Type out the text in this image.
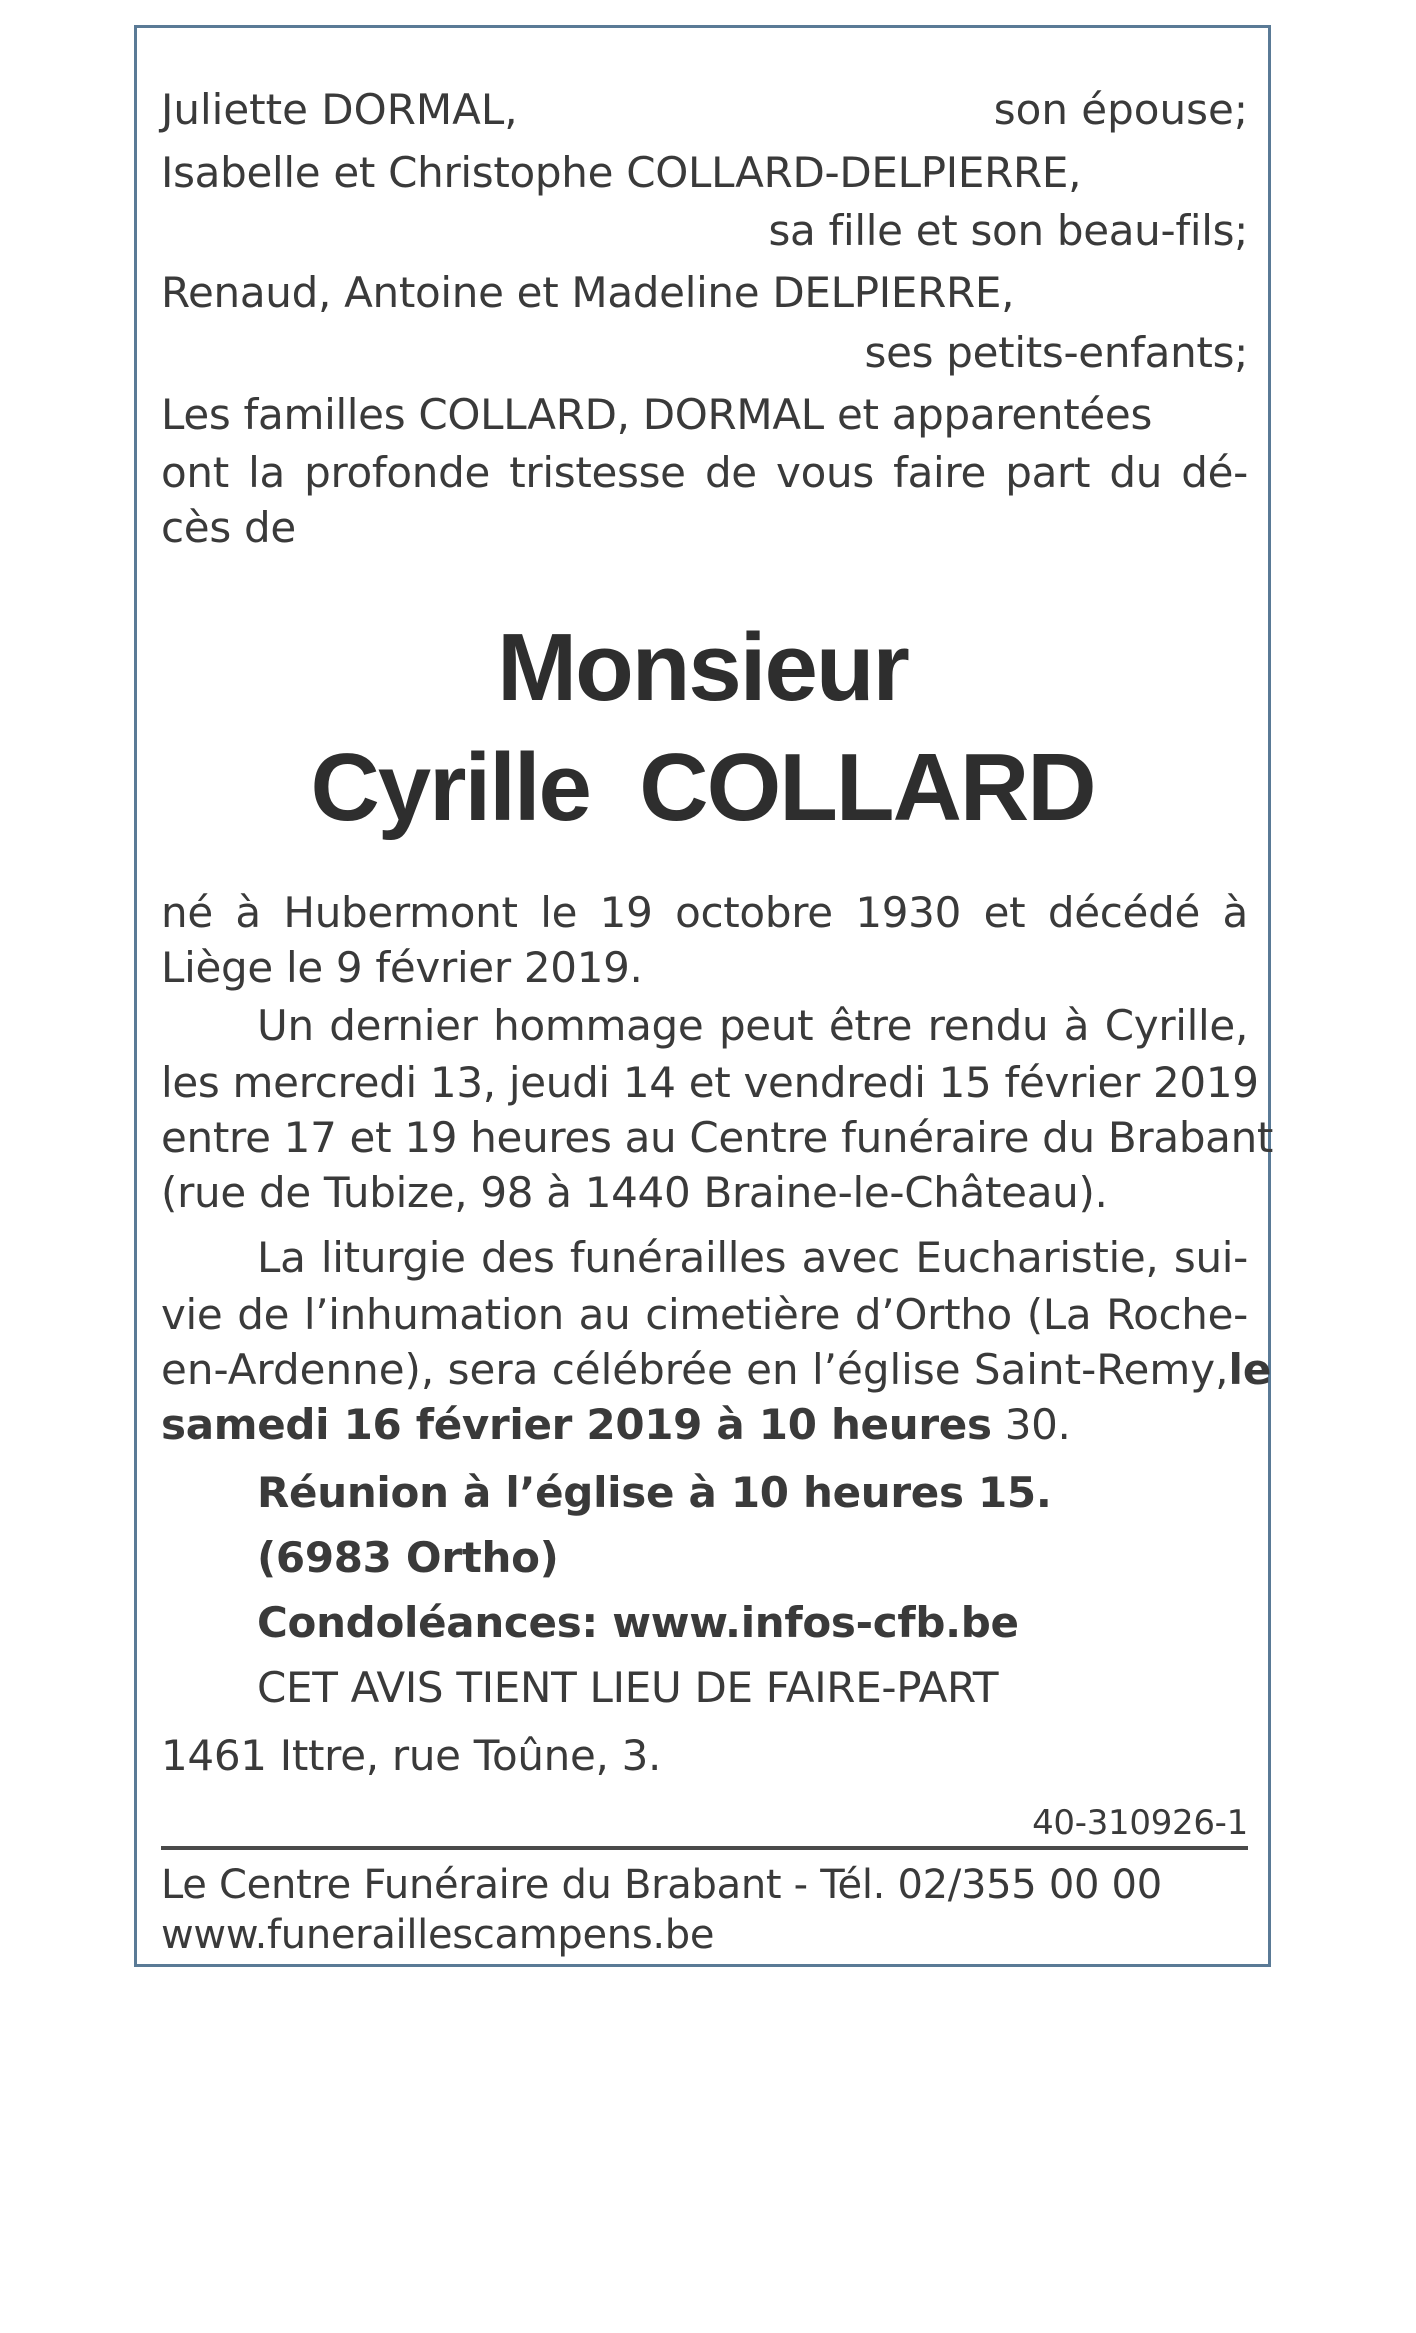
Juliette DORMAL,	son épouse;
Isabelle et Christophe COLLARD-DELPIERRE,
sa fille et son beau-fils;
Renaud, Antoine et Madeline DELPIERRE,
ses petits-enfants;
Les familles COLLARD, DORMAL et apparentées
ont la profonde tristesse de vous faire part du dé-
cès de
Monsieur
Cyrille  COLLARD
né à Hubermont le 19 octobre 1930 et décédé à
Liège le 9 février 2019.
Un dernier hommage peut être rendu à Cyrille,
les mercredi 13, jeudi 14 et vendredi 15 février 2019
entre 17 et 19 heures au Centre funéraire du Brabant
(rue de Tubize, 98 à 1440 Braine-le-Château).
La liturgie des funérailles avec Eucharistie, sui-
vie de l’inhumation au cimetière d’Ortho (La Roche-
en-Ardenne), sera célébrée en l’église Saint-Remy, le
samedi 16 février 2019 à 10 heures 30.
Réunion à l’église à 10 heures 15.
(6983 Ortho)
Condoléances: www.infos-cfb.be
CET AVIS TIENT LIEU DE FAIRE-PART
1461 Ittre, rue Toûne, 3.
40-310926-1
Le Centre Funéraire du Brabant - Tél. 02/355 00 00
www.funeraillescampens.be
